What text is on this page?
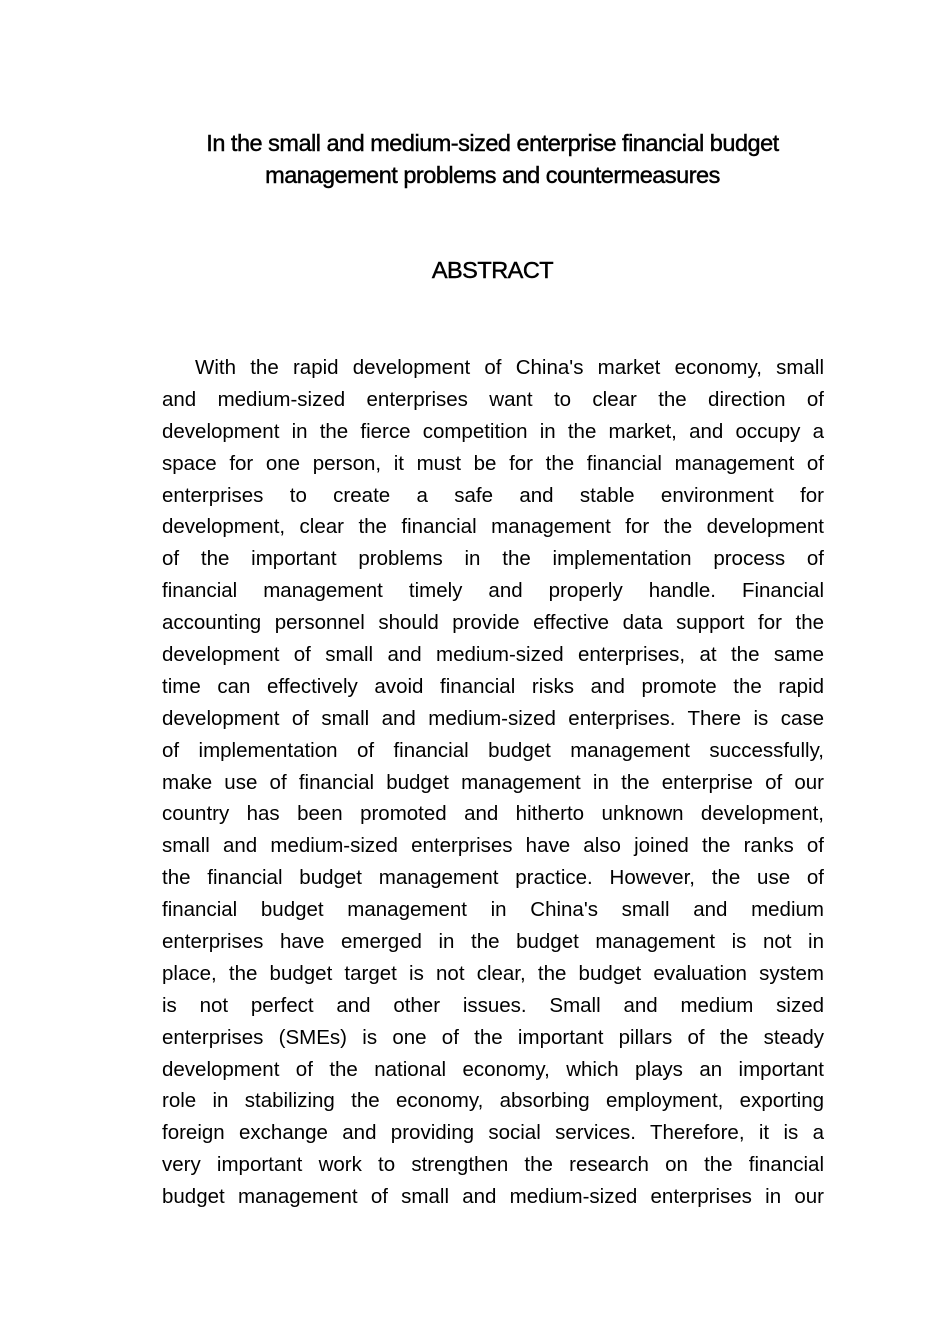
In the small and medium-sized enterprise financial budget
management problems and countermeasures
ABSTRACT
With the rapid development of China's market economy, small
and medium-sized enterprises want to clear the direction of
development in the fierce competition in the market, and occupy a
space for one person, it must be for the financial management of
enterprises to create a safe and stable environment for
development, clear the financial management for the development
of the important problems in the implementation process of
financial management timely and properly handle. Financial
accounting personnel should provide effective data support for the
development of small and medium-sized enterprises, at the same
time can effectively avoid financial risks and promote the rapid
development of small and medium-sized enterprises. There is case
of implementation of financial budget management successfully,
make use of financial budget management in the enterprise of our
country has been promoted and hitherto unknown development,
small and medium-sized enterprises have also joined the ranks of
the financial budget management practice. However, the use of
financial budget management in China's small and medium
enterprises have emerged in the budget management is not in
place, the budget target is not clear, the budget evaluation system
is not perfect and other issues. Small and medium sized
enterprises (SMEs) is one of the important pillars of the steady
development of the national economy, which plays an important
role in stabilizing the economy, absorbing employment, exporting
foreign exchange and providing social services. Therefore, it is a
very important work to strengthen the research on the financial
budget management of small and medium-sized enterprises in our
